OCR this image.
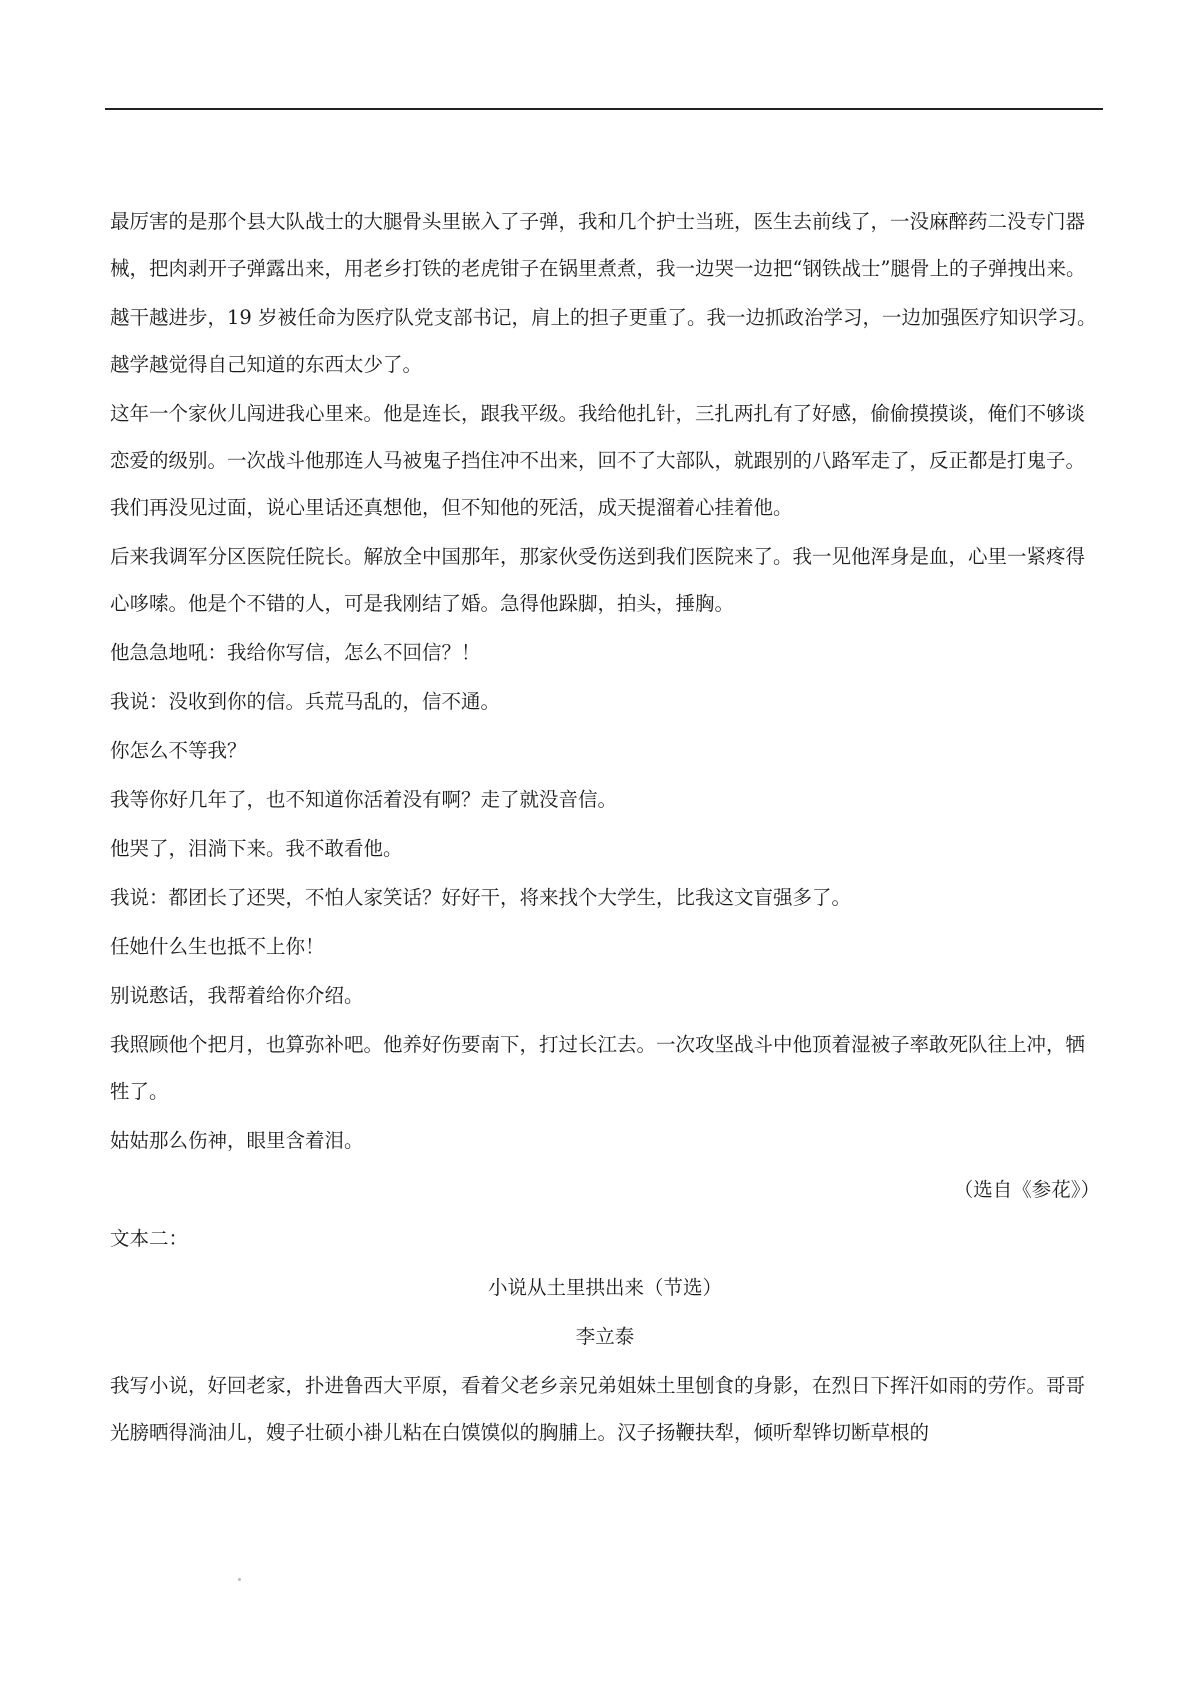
最厉害的是那个县大队战士的大腿骨头里嵌入了子弹，我和几个护士当班，医生去前线了，一没麻醉药二没专门器械，把肉剥开子弹露出来，用老乡打铁的老虎钳子在锅里煮煮，我一边哭一边把“钢铁战士”腿骨上的子弹拽出来。

越干越进步，19 岁被任命为医疗队党支部书记，肩上的担子更重了。我一边抓政治学习，一边加强医疗知识学习。越学越觉得自己知道的东西太少了。

这年一个家伙儿闯进我心里来。他是连长，跟我平级。我给他扎针，三扎两扎有了好感，偷偷摸摸谈，俺们不够谈恋爱的级别。一次战斗他那连人马被鬼子挡住冲不出来，回不了大部队，就跟别的八路军走了，反正都是打鬼子。我们再没见过面，说心里话还真想他，但不知他的死活，成天提溜着心挂着他。

后来我调军分区医院任院长。解放全中国那年，那家伙受伤送到我们医院来了。我一见他浑身是血，心里一紧疼得心哆嗦。他是个不错的人，可是我刚结了婚。急得他跺脚，拍头，捶胸。

他急急地吼：我给你写信，怎么不回信？！

我说：没收到你的信。兵荒马乱的，信不通。

你怎么不等我？

我等你好几年了，也不知道你活着没有啊？走了就没音信。

他哭了，泪淌下来。我不敢看他。

我说：都团长了还哭，不怕人家笑话？好好干，将来找个大学生，比我这文盲强多了。

任她什么生也抵不上你！

别说憨话，我帮着给你介绍。

我照顾他个把月，也算弥补吧。他养好伤要南下，打过长江去。一次攻坚战斗中他顶着湿被子率敢死队往上冲，牺牲了。

姑姑那么伤神，眼里含着泪。

（选自《参花》）

文本二：

小说从土里拱出来（节选）

李立泰

我写小说，好回老家，扑进鲁西大平原，看着父老乡亲兄弟姐妹土里刨食的身影，在烈日下挥汗如雨的劳作。哥哥光膀晒得淌油儿，嫂子壮硕小褂儿粘在白馍馍似的胸脯上。汉子扬鞭扶犁，倾听犁铧切断草根的
